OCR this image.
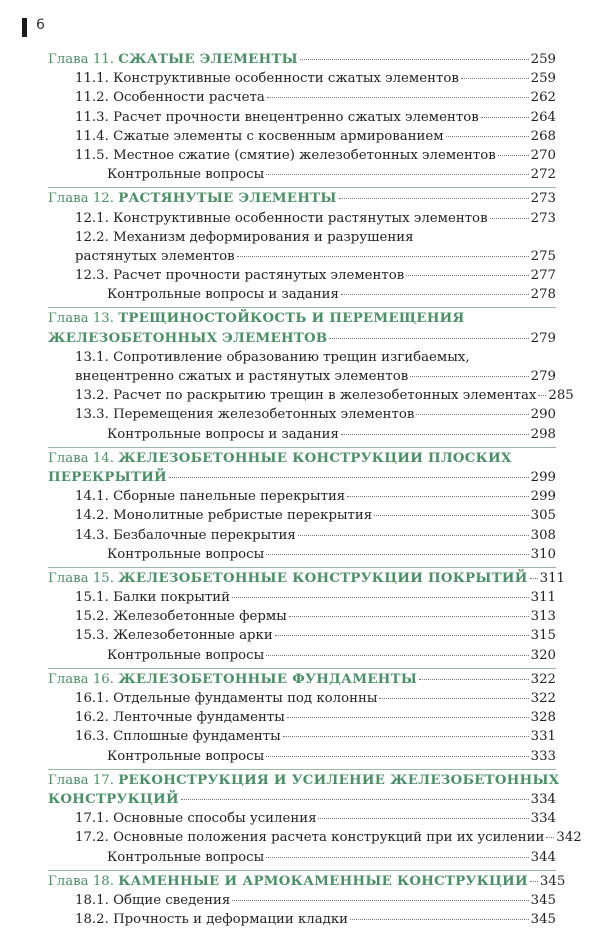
6
Глава 11. СЖАТЫЕ ЭЛЕМЕНТЫ	259
11.1. Конструктивные особенности сжатых элементов	259
11.2. Особенности расчета	262
11.3. Расчет прочности внецентренно сжатых элементов	264
11.4. Сжатые элементы с косвенным армированием	268
11.5. Местное сжатие (смятие) железобетонных элементов	270
Контрольные вопросы	272
Глава 12. РАСТЯНУТЫЕ ЭЛЕМЕНТЫ	273
12.1. Конструктивные особенности растянутых элементов	273
12.2. Механизм деформирования и разрушения
растянутых элементов	275
12.3. Расчет прочности растянутых элементов	277
Контрольные вопросы и задания	278
Глава 13. ТРЕЩИНОСТОЙКОСТЬ И ПЕРЕМЕЩЕНИЯ
ЖЕЛЕЗОБЕТОННЫХ ЭЛЕМЕНТОВ	279
13.1. Сопротивление образованию трещин изгибаемых,
внецентренно сжатых и растянутых элементов	279
13.2. Расчет по раскрытию трещин в железобетонных элементах 285
13.3. Перемещения железобетонных элементов	290
Контрольные вопросы и задания	298
Глава 14. ЖЕЛЕЗОБЕТОННЫЕ КОНСТРУКЦИИ ПЛОСКИХ
ПЕРЕКРЫТИЙ	299
14.1. Сборные панельные перекрытия	299
14.2. Монолитные ребристые перекрытия	305
14.3. Безбалочные перекрытия	308
Контрольные вопросы	310
Глава 15. ЖЕЛЕЗОБЕТОННЫЕ КОНСТРУКЦИИ ПОКРЫТИЙ 311
15.1. Балки покрытий	311
15.2. Железобетонные фермы	313
15.3. Железобетонные арки	315
Контрольные вопросы	320
Глава 16. ЖЕЛЕЗОБЕТОННЫЕ ФУНДАМЕНТЫ	322
16.1. Отдельные фундаменты под колонны	322
16.2. Ленточные фундаменты	328
16.3. Сплошные фундаменты	331
Контрольные вопросы	333
Глава 17. РЕКОНСТРУКЦИЯ И УСИЛЕНИЕ ЖЕЛЕЗОБЕТОННЫХ
КОНСТРУКЦИЙ	334
17.1. Основные способы усиления	334
17.2. Основные положения расчета конструкций при их усилении 342
Контрольные вопросы	344
Глава 18. КАМЕННЫЕ И АРМОКАМЕННЫЕ КОНСТРУКЦИИ 345
18.1. Общие сведения	345
18.2. Прочность и деформации кладки	345
